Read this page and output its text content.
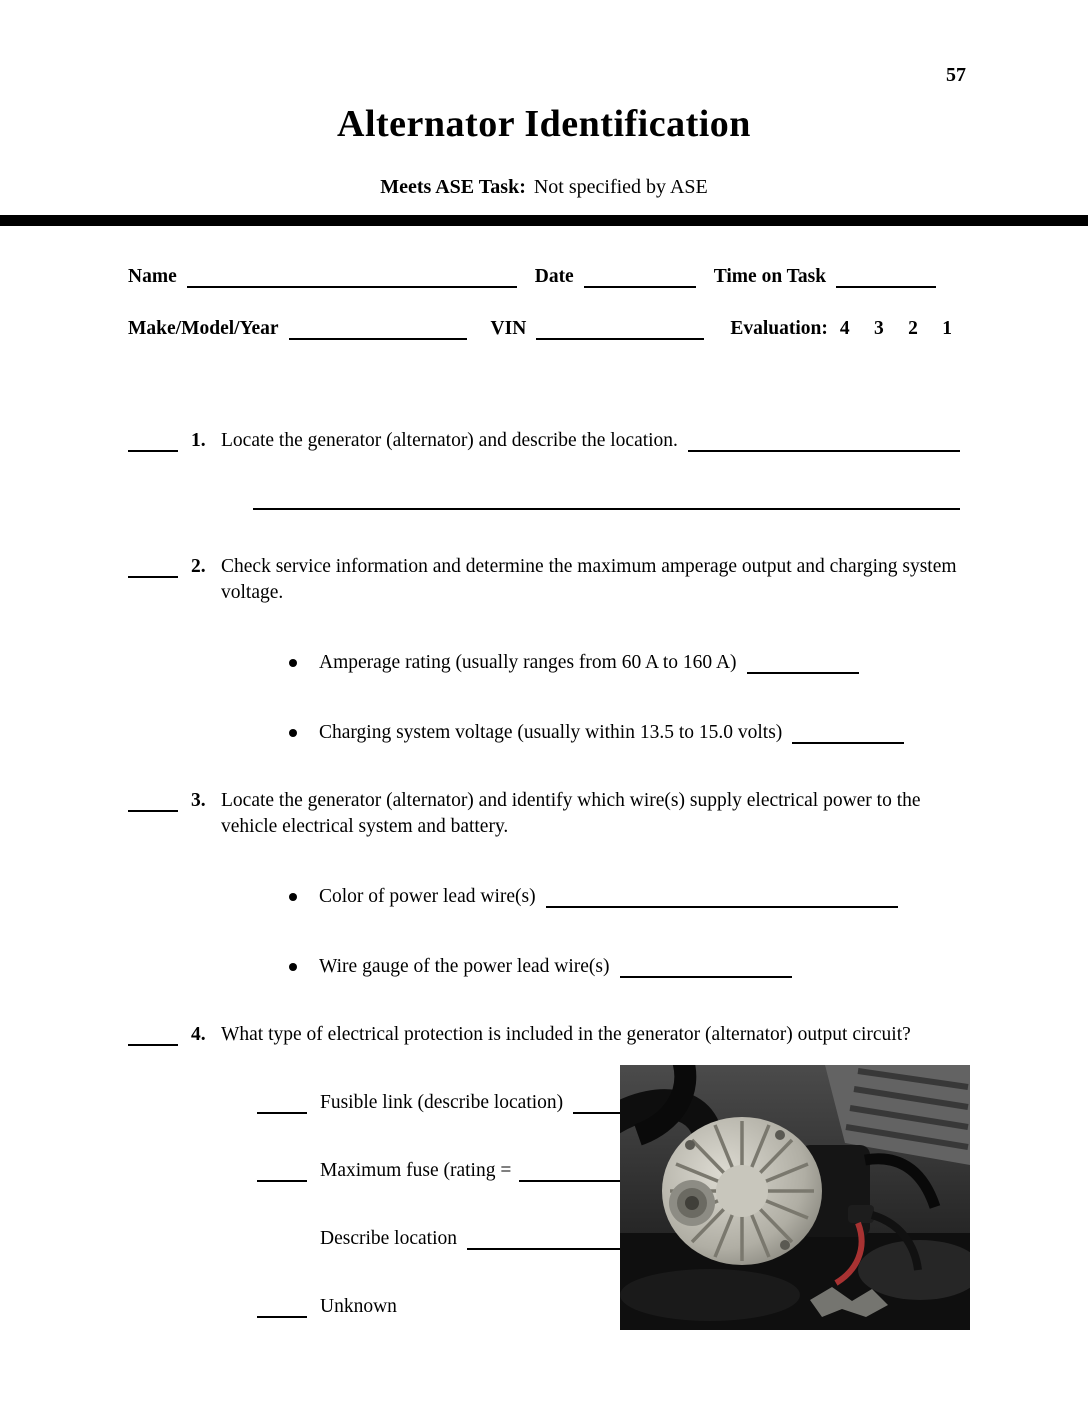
57
Alternator Identification
Meets ASE Task: Not specified by ASE
Name	Date	Time on Task
Make/Model/Year	VIN	Evaluation: 4     3     2     1
1. Locate the generator (alternator) and describe the location.
2. Check service information and determine the maximum amperage output and charging system voltage.
Amperage rating (usually ranges from 60 A to 160 A)
Charging system voltage (usually within 13.5 to 15.0 volts)
3. Locate the generator (alternator) and identify which wire(s) supply electrical power to the vehicle electrical system and battery.
Color of power lead wire(s)
Wire gauge of the power lead wire(s)
4. What type of electrical protection is included in the generator (alternator) output circuit?
Fusible link (describe location)
Maximum fuse (rating =
Describe location
Unknown
